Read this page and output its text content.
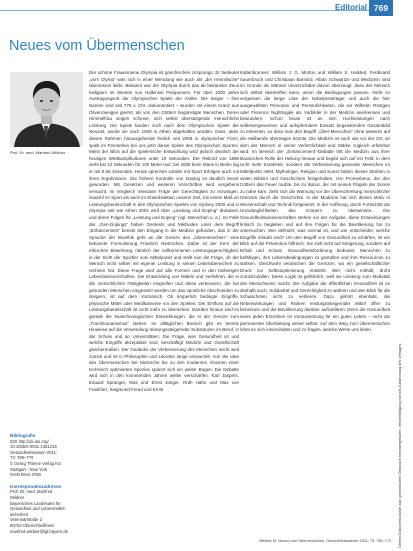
Editorial 769
Neues vom Übermenschen
Prof. Dr. med. Manfred Wildner

Bibliografie

DOI http://dx.doi.org/

10.1055/s-0031-1351216

Gesundheitswesen 2011;

73: 769–770

© Georg Thieme Verlag KG

Stuttgart · New York

ISSN 0941-3790

Korrespondenzadresse

Prof. Dr. med. Manfred

Wildner

Bayerisches Landesamt für

Gesundheit und Lebensmittel-

sicherheit

Veterinärstraße 2

85764 Oberschleißheim

manfred.wildner@lgl.bayern.de

Der schöne Frauenname Olympia ist griechischen Ursprungs. Er bedeutet „vom Olymp“ was sich in einer Wendung wie auch als „der Himmlische“ übersetzen ließe. Bekannt war der Olympia durch das ab bekannter Zeus heiligtum im Westen von Halbinsel Peloponnes. Für über 1000 Jahre Austragungsort der Olympischen Spiele der Antike. Die Sieger – ihre Namen sind seit 776 v. Chr. dokumentiert – wurden mit einem Kranz aus Olivenzweigen geehrt, als von den Göttern begünstigte Menschen. Deren Himmelfrau seigen scheine, sich selbst übersteigende menschliche Leistung. Die Spiele fanden noch nach dem Olympischen Spiele der Neuzeit, wurde sie nach 1928 in Athen abgehalten worden. Dass, aktiv, diesen Rahmen hinausgehende freilich seit 2008 in olympischer Form, spielt im Fernsehen bei uns jetzt dieser Spiele des Olympischen Sportes. Meist der Blick auf die spielerische Entwicklung wird jedoch deutlich der heutigen Wettkampfkulturen unter 10 Sekunden. Der Rekord von 1896 steht bei 12 Sekunden für 100 Meter lauf, bei 2008 beim Mann in Berlin lag er mit 9,58 Sekunden. Heute sprechen Länder mit Sport Erfolgen auch mit ihren Ergebnissen. Die frühere Kontrolle von Doping ist deutlich teurer geworden. Mit Gesetzen und weiteren Vorschriften wird vergebens versucht, im Vergleich relevante Frage der Gerechtigkeit zu erzwingen. Sowohl im Sport als auch im Erwerbsleben unserer Zeit, mit einem Maß an Leistungsbereitschaft in den Olympischen Spielen von Sydney 2000 und in Olympia seit wie Athen 2004 wird über „Leistung und Doping“ diskutiert, und deren Folgen für „Leistung und Doping“ (vgl. Menschen u. a.). Im Falle der „Gen-Dopings“ haben Gentests und Methoden unter dem Begriff „Enhancement“ bereits den Eingang in die Medizin gefunden, das in der Sprache der Bioethik geht an die Grenze des „Übermenschen“, eine bekannte Formulierung Friedrich Nietzsches. Dabei ist der Kern der ethischen Bewertung, nämlich der vollkommenen Leistungsgerechtigkeit, in der Sicht der Sportler vom Mittelpunkt und stellt nun die Frage, ob der Mensch nicht selber mit eigener Leistung in seinen Lebensbereichen zu rechnen hat. Diese Frage wird auf alle Formen und in den bisherigen Lebenswissenschaften. Die Entwicklung von Mitteln und Verfahren, die in die menschlichen Fähigkeiten eingreifen und diese verbessern, die bei gesunden Menschen eingesetzt werden um das sportliche Abschneiden zu steigern, ist auf dem Vormarsch. Ob körperlich bedingte Eingriffe, physische Mittel oder Medikamente vor den Spielen: Der Einfluss auf die Leistungsbereitschaft ist nicht mehr zu übersehen. Darüber hinaus sind es gerade die biotechnologischen Entwicklungen, die in der Grenze zum „Transhumanismus“ stehen. Im alltäglichen Bereich gibt es bereits Hinweise auf die Verwendung leistungssteigernder Substanzen im Beruf, in der Schule und an Universitäten. Die Frage, was Gesundheit ist und welche Eingriffe akzeptabel sind, beschäftigt Medizin und Gesellschaft gleichermaßen. Der Gedanke der Verbesserung des Menschen reicht weit zurück und ist in Philosophie und Literatur lange verwurzelt. Von der Idee des Übermenschen bei Nietzsche bis zu den modernen Visionen einer technisch optimierten Spezies spannt sich ein weiter Bogen. Die Debatte wird sich in den kommenden Jahren weiter verschärfen. Karl Jaspers, Eduard Spranger, Max und Ernst Jünger, Ruth Hahn und Max von Frankfurt, Siegmund Freud und Ernst

Kaltenbrunner: William J. G. Morton und William S. Halsted, Ferdinand Sauerbruch und Christiaan Barnard. Alban Schwartze und Medizinin sind im Grunde als Männer unverzichtbar davon überzeugt, dass der Mensch sich selbst übertreffen kann, wenn die Bedingungen passen. Nicht zu vergessen die lange Liste der Nobelpreisträger und auch die hier ausgewählten Personen und Persönlichkeiten, die wir Wilhelm Röntgen oder Florence Nightingale als Vorbilder in der Medizin anerkennen und bewundern. Schon heute ist an den Hochleistungen nach selbstvergessenen und aufopferndem Einsatz begeisterndes Gesamtbild zu erkennen, so dass man den Begriff „Über-Menschen“ ohne weiteres auf die Heilberufe übertragen könnte. Die Medizin ist nach wie vor der Ort, an dem der Mensch in seiner Verletzlichkeit und Stärke zugleich erfahrbar wird. Im Bereich der „Enhancement“-Debatte tritt die Medizin aus ihrer klassischen Rolle der Heilung heraus und begibt sich auf ein Feld, in dem nicht mehr Krankheit, sondern die Verbesserung gesunder Menschen im Mittelpunkt steht. Mythologie, Religion und Kunst haben dieses Streben in vielen Bildern und Geschichten festgehalten. Von Prometheus, der den Göttern das Feuer raubte, bis zu Ikarus, der mit seinen Flügeln der Sonne zu nahe kam, zieht sich die Warnung vor der Überschreitung menschlicher Grenzen durch die Geschichte. In der Moderne hat sich dieses Motiv in Wissenschaft und Technik fortgesetzt, in der Hoffnung, durch Fortschritt die Unzulänglichkeiten des Körpers zu überwinden. Die Gesundheitswissenschaften stehen vor der Aufgabe, diese Entwicklungen kritisch zu begleiten und auf ihre Folgen für die Bevölkerung hin zu untersuchen. Wer definiert, was normal ist, und wer entscheidet, welche Eingriffe erlaubt sind? Um den Begriff von Gesundheit zu schärfen, ist ein Blick auf die Prävention hilfreich: Sie zielt nicht auf Steigerung, sondern auf Erhalt und Schutz. Gesundheitsförderung bedeutet, Menschen zu befähigen, ihre Lebensbedingungen zu gestalten und ihre Ressourcen zu stärken. Gleichwohl verwischen die Grenzen, wo ein gesellschaftlicher Druck zur Selbstoptimierung entsteht. Wer nicht mithält, droht zurückzufallen. Diese Logik ist gefährlich, weil sie Leistung zum Maßstab des Menschseins macht. Die Aufgabe der öffentlichen Gesundheit ist es deshalb auch, Solidarität und Gerechtigkeit zu wahren und den Blick für die Schwächsten nicht zu verlieren. Dazu gehört ebenfalls, die Nebenwirkungen und Risiken leistungssteigernder Mittel offen zu benennen und die Bevölkerung darüber aufzuklären. Denn die Gesundheit eines jeden Einzelnen ist Voraussetzung für ein gutes Leben – nicht die permanente Überbietung seiner selbst. Auf dem Weg zum Übermenschen lohnt es sich innezuhalten und zu fragen, welche Werte uns leiten.

Dieses Dokument wurde zum persönlichen Gebrauch heruntergeladen. Vervielfältigung nur mit Zustimmung des Verlages.
Wildner M. Neues vom Übermenschen. Gesundheitswesen 2011; 73: 769–770
